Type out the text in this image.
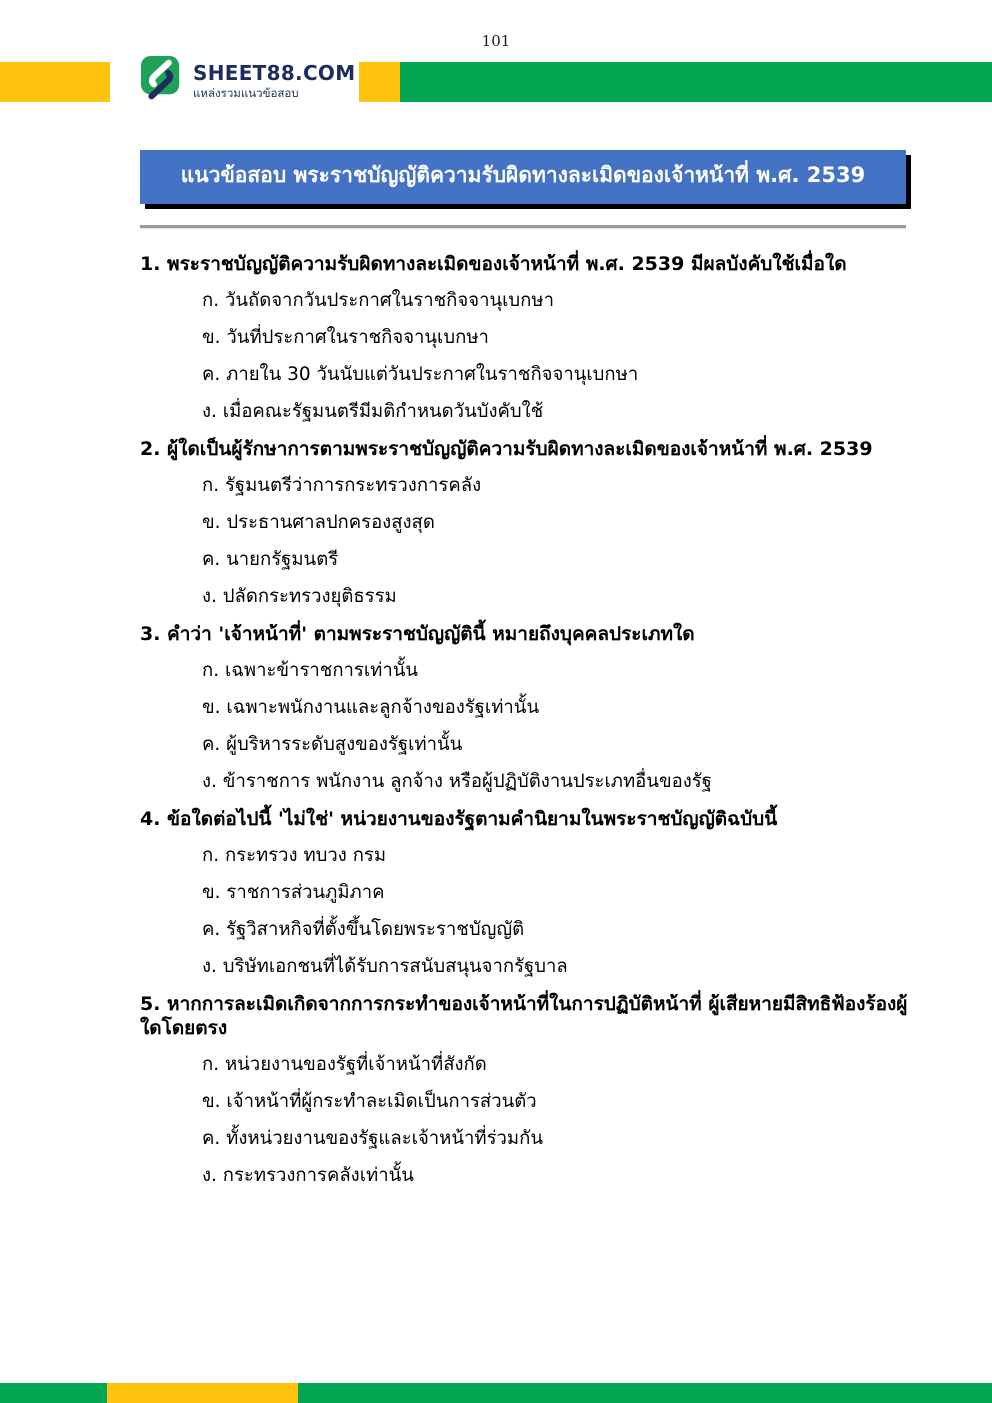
101
SHEET88.COM
แหล่งรวมแนวข้อสอบ
แนวข้อสอบ พระราชบัญญัติความรับผิดทางละเมิดของเจ้าหน้าที่ พ.ศ. 2539
1. พระราชบัญญัติความรับผิดทางละเมิดของเจ้าหน้าที่ พ.ศ. 2539 มีผลบังคับใช้เมื่อใด
ก. วันถัดจากวันประกาศในราชกิจจานุเบกษา
ข. วันที่ประกาศในราชกิจจานุเบกษา
ค. ภายใน 30 วันนับแต่วันประกาศในราชกิจจานุเบกษา
ง. เมื่อคณะรัฐมนตรีมีมติกำหนดวันบังคับใช้
2. ผู้ใดเป็นผู้รักษาการตามพระราชบัญญัติความรับผิดทางละเมิดของเจ้าหน้าที่ พ.ศ. 2539
ก. รัฐมนตรีว่าการกระทรวงการคลัง
ข. ประธานศาลปกครองสูงสุด
ค. นายกรัฐมนตรี
ง. ปลัดกระทรวงยุติธรรม
3. คำว่า 'เจ้าหน้าที่' ตามพระราชบัญญัตินี้ หมายถึงบุคคลประเภทใด
ก. เฉพาะข้าราชการเท่านั้น
ข. เฉพาะพนักงานและลูกจ้างของรัฐเท่านั้น
ค. ผู้บริหารระดับสูงของรัฐเท่านั้น
ง. ข้าราชการ พนักงาน ลูกจ้าง หรือผู้ปฏิบัติงานประเภทอื่นของรัฐ
4. ข้อใดต่อไปนี้ 'ไม่ใช่' หน่วยงานของรัฐตามคำนิยามในพระราชบัญญัติฉบับนี้
ก. กระทรวง ทบวง กรม
ข. ราชการส่วนภูมิภาค
ค. รัฐวิสาหกิจที่ตั้งขึ้นโดยพระราชบัญญัติ
ง. บริษัทเอกชนที่ได้รับการสนับสนุนจากรัฐบาล
5. หากการละเมิดเกิดจากการกระทำของเจ้าหน้าที่ในการปฏิบัติหน้าที่ ผู้เสียหายมีสิทธิฟ้องร้องผู้ใดโดยตรง
ก. หน่วยงานของรัฐที่เจ้าหน้าที่สังกัด
ข. เจ้าหน้าที่ผู้กระทำละเมิดเป็นการส่วนตัว
ค. ทั้งหน่วยงานของรัฐและเจ้าหน้าที่ร่วมกัน
ง. กระทรวงการคลังเท่านั้น
